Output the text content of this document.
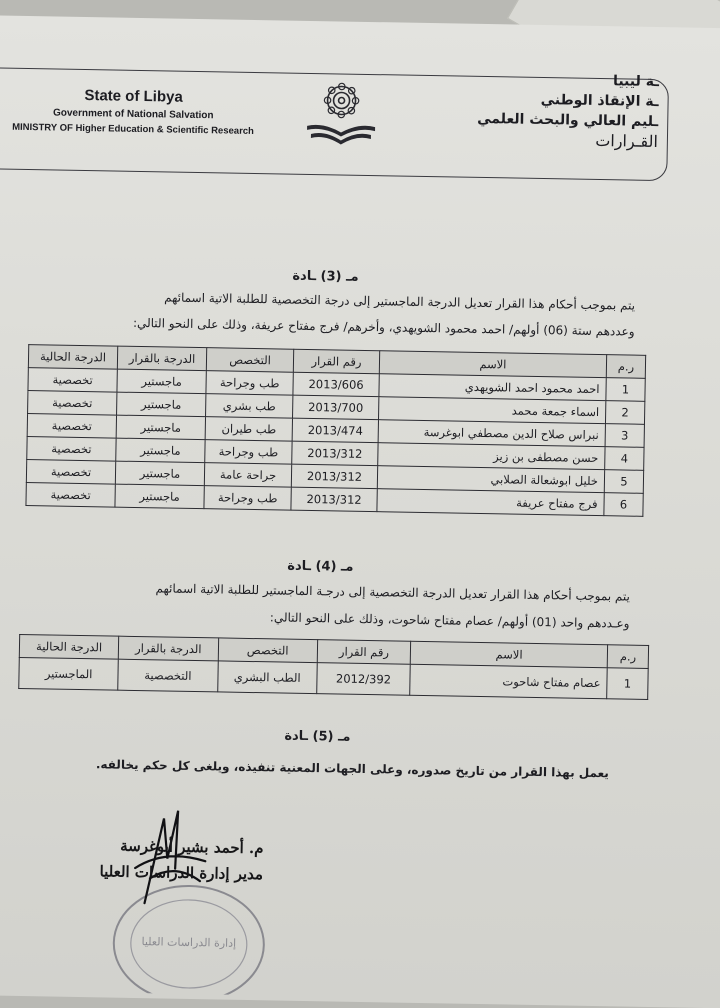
State of Libya
Government of National Salvation
MINISTRY OF Higher Education & Scientific Research
ـة ليبيا
ـة الإنقاذ الوطني
ـليم العالي والبحث العلمي
القـرارات
مـ (3) ـادة
يتم بموجب أحكام هذا القرار تعديل الدرجة الماجستير إلى درجة التخصصية للطلبة الاتية اسمائهم
وعددهم ستة (06) أولهم/ احمد محمود الشويهدي، وأخرهم/ فرج مفتاح عريفة، وذلك على النحو التالي:
ر.م	الاسم	رقم القرار	التخصص	الدرجة بالقرار	الدرجة الحالية
1	احمد محمود احمد الشويهدي	2013/606	طب وجراحة	ماجستير	تخصصية
2	اسماء جمعة محمد	2013/700	طب بشري	ماجستير	تخصصية
3	نبراس صلاح الدين مصطفي ابوغرسة	2013/474	طب طيران	ماجستير	تخصصية
4	حسن مصطفى بن زيز	2013/312	طب وجراحة	ماجستير	تخصصية
5	خليل ابوشعالة الصلابي	2013/312	جراحة عامة	ماجستير	تخصصية
6	فرج مفتاح عريفة	2013/312	طب وجراحة	ماجستير	تخصصية
مـ (4) ـادة
يتم بموجب أحكام هذا القرار تعديل الدرجة التخصصية إلى درجـة الماجستير للطلبة الاتية اسمائهم
وعـددهم واحد (01) أولهم/ عصام مفتاح شاحوت، وذلك على النحو التالي:
ر.م	الاسم	رقم القرار	التخصص	الدرجة بالقرار	الدرجة الحالية
1	عصام مفتاح شاحوت	2012/392	الطب البشري	التخصصية	الماجستير
مـ (5) ـادة
يعمل بهذا القرار من تاريخ صدوره، وعلى الجهات المعنية تنفيذه، ويلغى كل حكم يخالفه.
إدارة الدراسات العليا
م. أحمد بشير أبوغرسة
مدير إدارة الدراسات العليا
